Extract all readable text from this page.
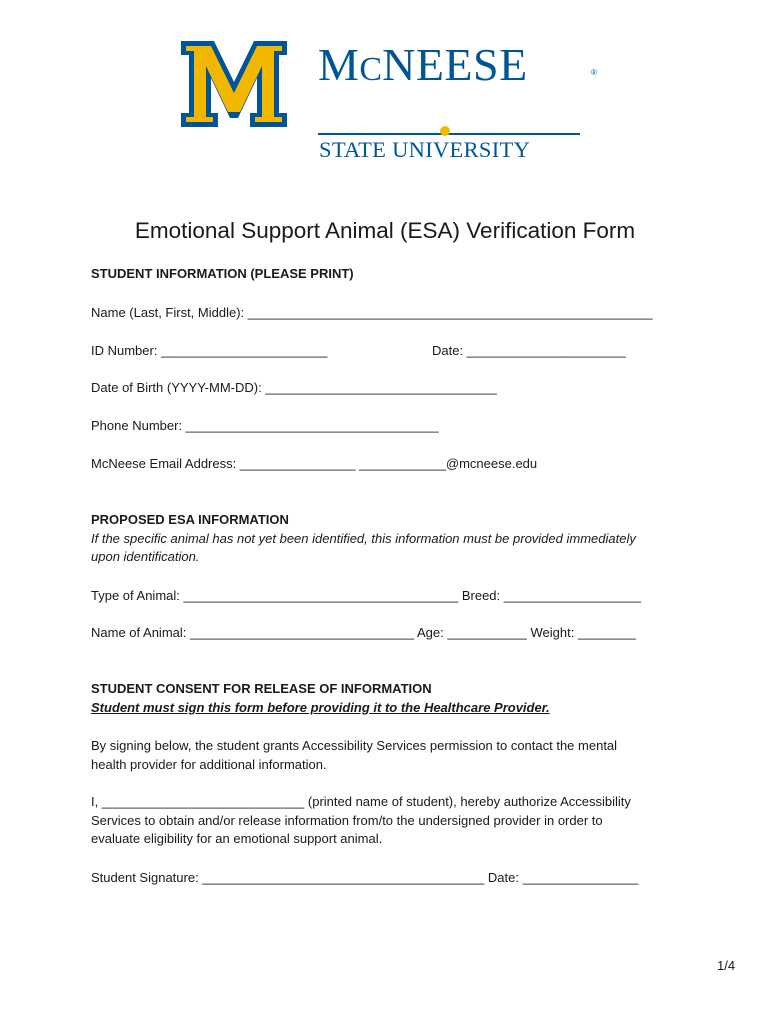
MCNEESE	®
STATE UNIVERSITY
Emotional Support Animal (ESA) Verification Form
STUDENT INFORMATION (PLEASE PRINT)
Name (Last, First, Middle): ________________________________________________________
ID Number: _______________________	Date: ______________________
Date of Birth (YYYY-MM-DD): ________________________________
Phone Number: ___________________________________
McNeese Email Address: ________________ ____________@mcneese.edu
PROPOSED ESA INFORMATION
If the specific animal has not yet been identified, this information must be provided immediately
upon identification.
Type of Animal: ______________________________________ Breed: ___________________
Name of Animal: _______________________________ Age: ___________ Weight: ________
STUDENT CONSENT FOR RELEASE OF INFORMATION
Student must sign this form before providing it to the Healthcare Provider.
By signing below, the student grants Accessibility Services permission to contact the mental
health provider for additional information.
I, ____________________________ (printed name of student), hereby authorize Accessibility
Services to obtain and/or release information from/to the undersigned provider in order to
evaluate eligibility for an emotional support animal.
Student Signature: _______________________________________ Date: ________________
1/4
